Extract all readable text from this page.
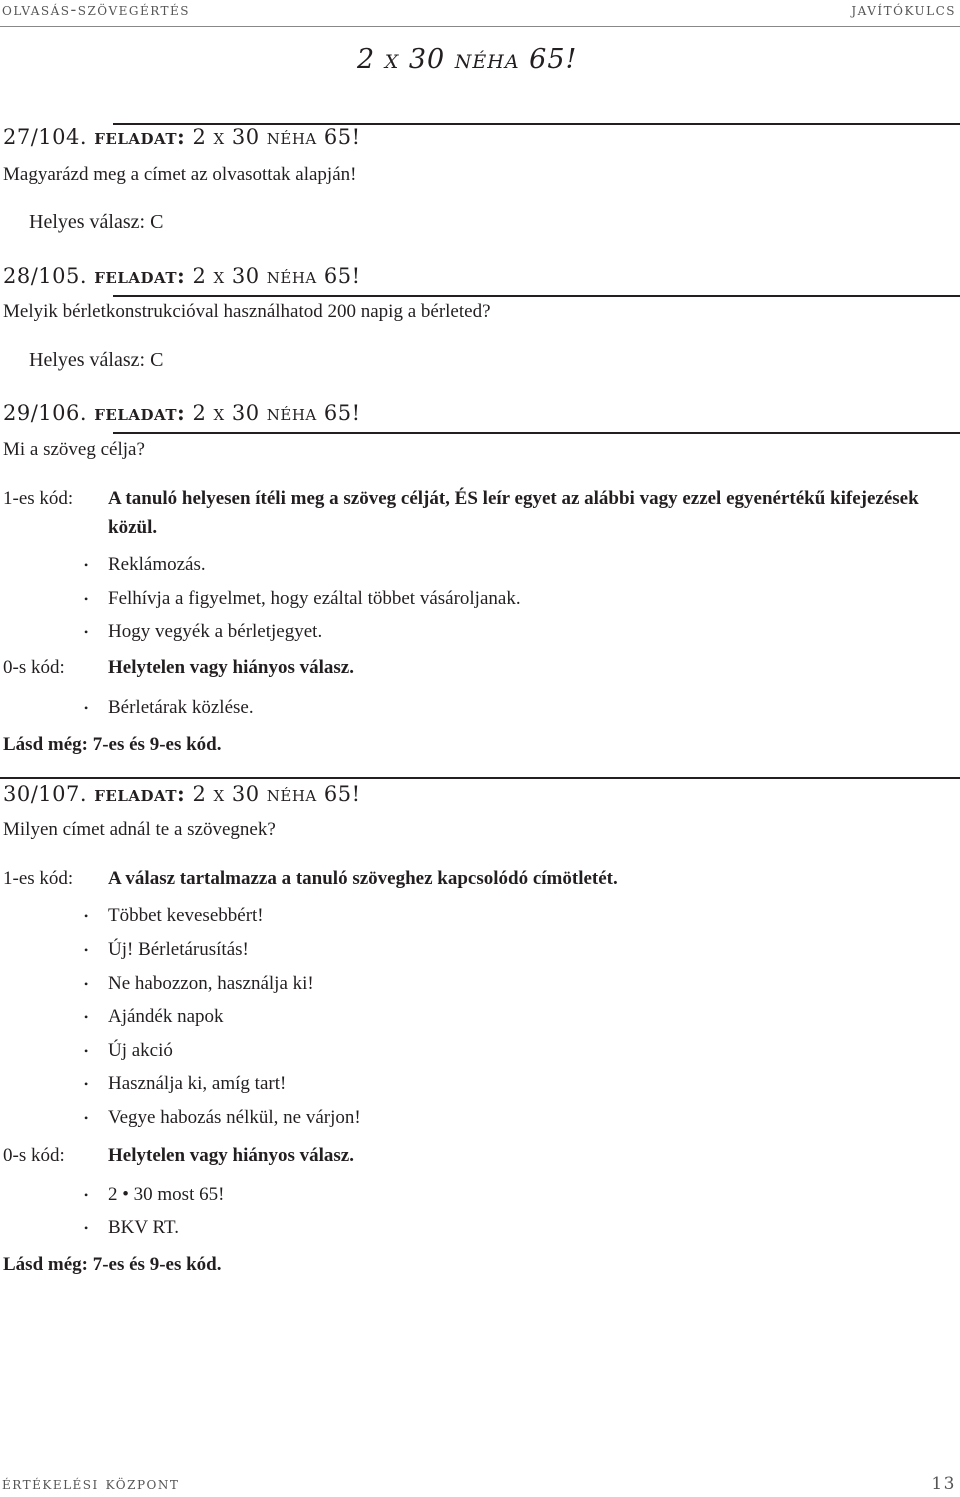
olvasás-szövegértés	javítókulcs
2 x 30 néha 65!
27/104. feladat: 2 x 30 néha 65!
Magyarázd meg a címet az olvasottak alapján!
Helyes válasz: C
28/105. feladat: 2 x 30 néha 65!
Melyik bérletkonstrukcióval használhatod 200 napig a bérleted?
Helyes válasz: C
29/106. feladat: 2 x 30 néha 65!
Mi a szöveg célja?
1-es kód: A tanuló helyesen ítéli meg a szöveg célját, ÉS leír egyet az alábbi vagy ezzel egyenértékű kifejezések közül.
• Reklámozás.
• Felhívja a figyelmet, hogy ezáltal többet vásároljanak.
• Hogy vegyék a bérletjegyet.
0-s kód: Helytelen vagy hiányos válasz.
• Bérletárak közlése.
Lásd még: 7-es és 9-es kód.
30/107. feladat: 2 x 30 néha 65!
Milyen címet adnál te a szövegnek?
1-es kód: A válasz tartalmazza a tanuló szöveghez kapcsolódó címötletét.
• Többet kevesebbért!
• Új! Bérletárusítás!
• Ne habozzon, használja ki!
• Ajándék napok
• Új akció
• Használja ki, amíg tart!
• Vegye habozás nélkül, ne várjon!
0-s kód: Helytelen vagy hiányos válasz.
• 2 • 30 most 65!
• BKV RT.
Lásd még: 7-es és 9-es kód.
értékelési központ	13
